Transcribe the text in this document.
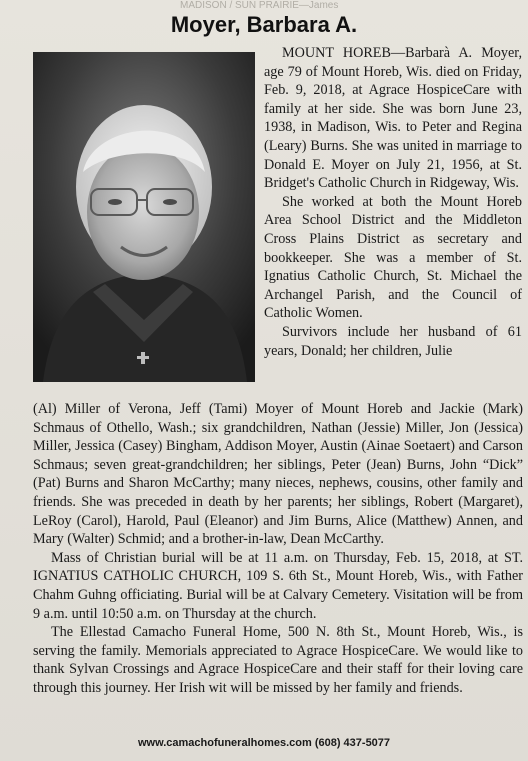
MADISON / SUN PRAIRIE—James
Moyer, Barbara A.

MOUNT HOREB—Barbarà A. Moyer, age 79 of Mount Horeb, Wis. died on Friday, Feb. 9, 2018, at Agrace HospiceCare with family at her side. She was born June 23, 1938, in Madison, Wis. to Peter and Regina (Leary) Burns. She was united in marriage to Donald E. Moyer on July 21, 1956, at St. Bridget's Catholic Church in Ridgeway, Wis.

She worked at both the Mount Horeb Area School District and the Middleton Cross Plains District as secretary and bookkeeper. She was a member of St. Ignatius Catholic Church, St. Michael the Archangel Parish, and the Council of Catholic Women.

Survivors include her husband of 61 years, Donald; her children, Julie

(Al) Miller of Verona, Jeff (Tami) Moyer of Mount Horeb and Jackie (Mark) Schmaus of Othello, Wash.; six grandchildren, Nathan (Jessie) Miller, Jon (Jessica) Miller, Jessica (Casey) Bingham, Addison Moyer, Austin (Ainae Soetaert) and Carson Schmaus; seven great-grandchildren; her siblings, Peter (Jean) Burns, John “Dick” (Pat) Burns and Sharon McCarthy; many nieces, nephews, cousins, other family and friends. She was preceded in death by her parents; her siblings, Robert (Margaret), LeRoy (Carol), Harold, Paul (Eleanor) and Jim Burns, Alice (Matthew) Annen, and Mary (Walter) Schmid; and a brother-in-law, Dean McCarthy.

Mass of Christian burial will be at 11 a.m. on Thursday, Feb. 15, 2018, at ST. IGNATIUS CATHOLIC CHURCH, 109 S. 6th St., Mount Horeb, Wis., with Father Chahm Guhng officiating. Burial will be at Calvary Cemetery. Visitation will be from 9 a.m. until 10:50 a.m. on Thursday at the church.

The Ellestad Camacho Funeral Home, 500 N. 8th St., Mount Horeb, Wis., is serving the family. Memorials appreciated to Agrace HospiceCare. We would like to thank Sylvan Crossings and Agrace HospiceCare and their staff for their loving care through this journey. Her Irish wit will be missed by her family and friends.

www.camachofuneralhomes.com (608) 437-5077
